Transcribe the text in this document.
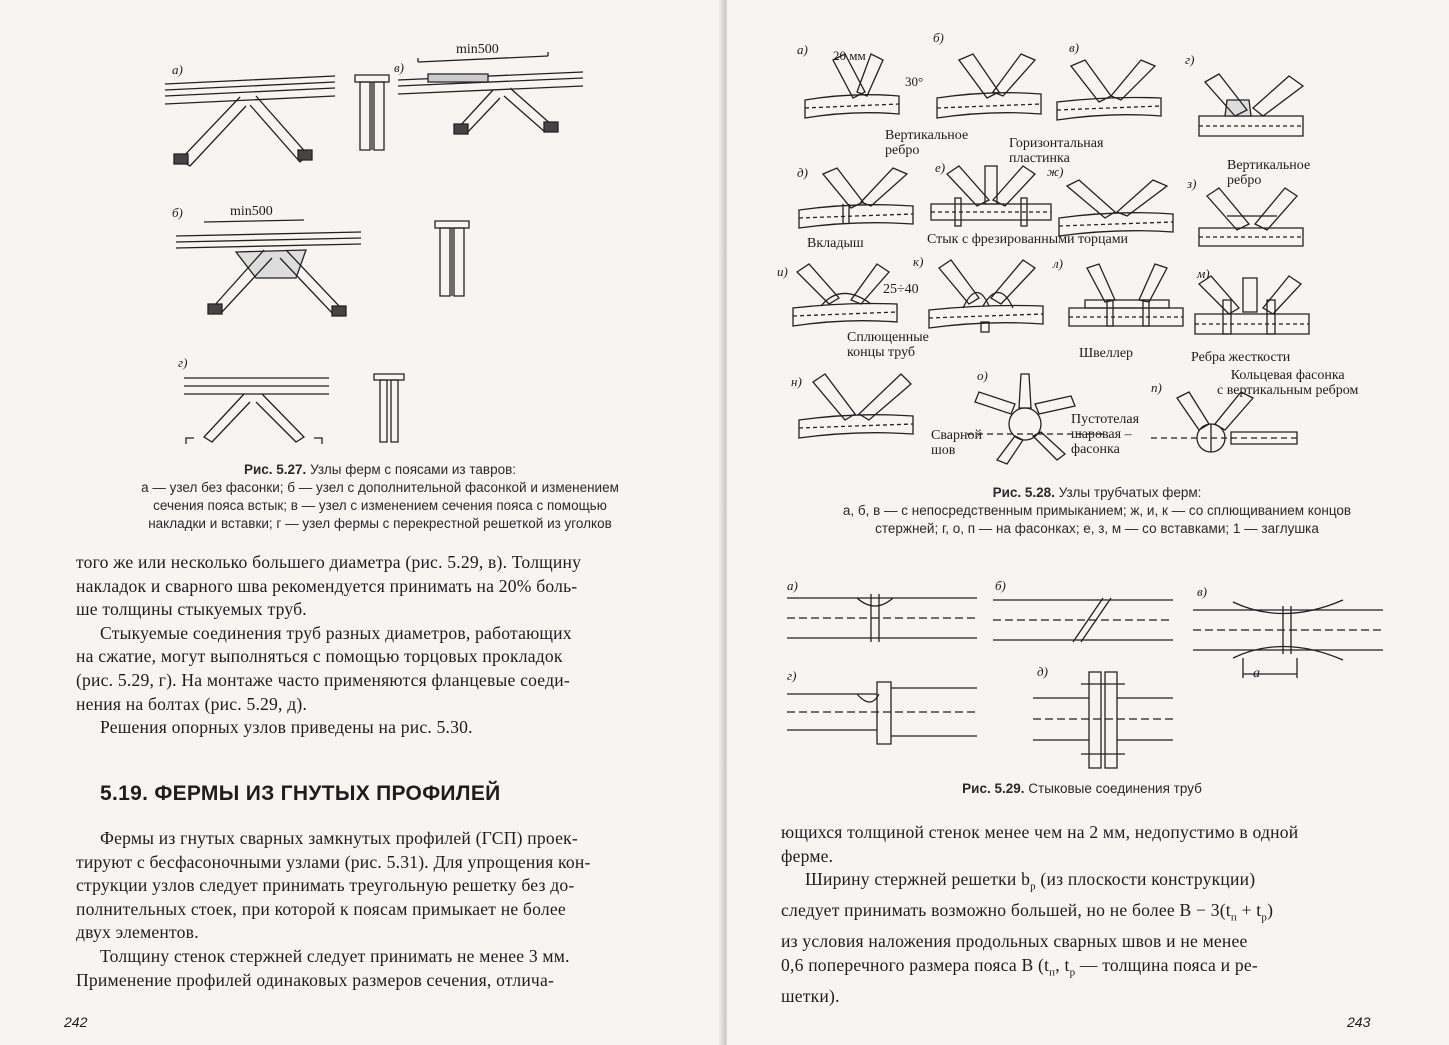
а)	в)
min500
б)	min500
г)
Рис. 5.27. Узлы ферм с поясами из тавров:
а — узел без фасонки; б — узел с дополнительной фасонкой и изменением
сечения пояса встык; в — узел с изменением сечения пояса с помощью
накладки и вставки; г — узел фермы с перекрестной решеткой из уголков

того же или несколько большего диаметра (рис. 5.29, в). Толщину

накладок и сварного шва рекомендуется принимать на 20% боль-

ше толщины стыкуемых труб.

Стыкуемые соединения труб разных диаметров, работающих

на сжатие, могут выполняться с помощью торцовых прокладок

(рис. 5.29, г). На монтаже часто применяются фланцевые соеди-

нения на болтах (рис. 5.29, д).

Решения опорных узлов приведены на рис. 5.30.

5.19. ФЕРМЫ ИЗ ГНУТЫХ ПРОФИЛЕЙ

Фермы из гнутых сварных замкнутых профилей (ГСП) проек-

тируют с бесфасоночными узлами (рис. 5.31). Для упрощения кон-

струкции узлов следует принимать треугольную решетку без до-

полнительных стоек, при которой к поясам примыкает не более

двух элементов.

Толщину стенок стержней следует принимать не менее 3 мм.

Применение профилей одинаковых размеров сечения, отлича-

242
а) 20 мм
30°
б)
в)
г)
Вертикальное
ребро	Горизонтальная
пластинка	Вертикальное
ребро
д)	е)	ж)
з)
Вкладыш	Стык с фрезированными торцами
и)
к)
25÷40
л)
м)
Сплющенные
концы труб	Швеллер	Ребра жесткости
Кольцевая фасонка
с вертикальным ребром
н)	о)
п)
Пустотелая
шаровая –
фасонка
Сварной
шов
Рис. 5.28. Узлы трубчатых ферм:
а, б, в — с непосредственным примыканием; ж, и, к — со сплющиванием концов
стержней; г, о, п — на фасонках; е, з, м — со вставками; 1 — заглушка
а)	б)	в)
a
г)	д)
Рис. 5.29. Стыковые соединения труб

ющихся толщиной стенок менее чем на 2 мм, недопустимо в одной

ферме.

Ширину стержней решетки $b_р$ (из плоскости конструкции)

следует принимать возможно большей, но не более $B - 3(t_п + t_р)$

из условия наложения продольных сварных швов и не менее

0,6 поперечного размера пояса B ($t_п$, $t_р$ — толщина пояса и ре-

шетки).

243
